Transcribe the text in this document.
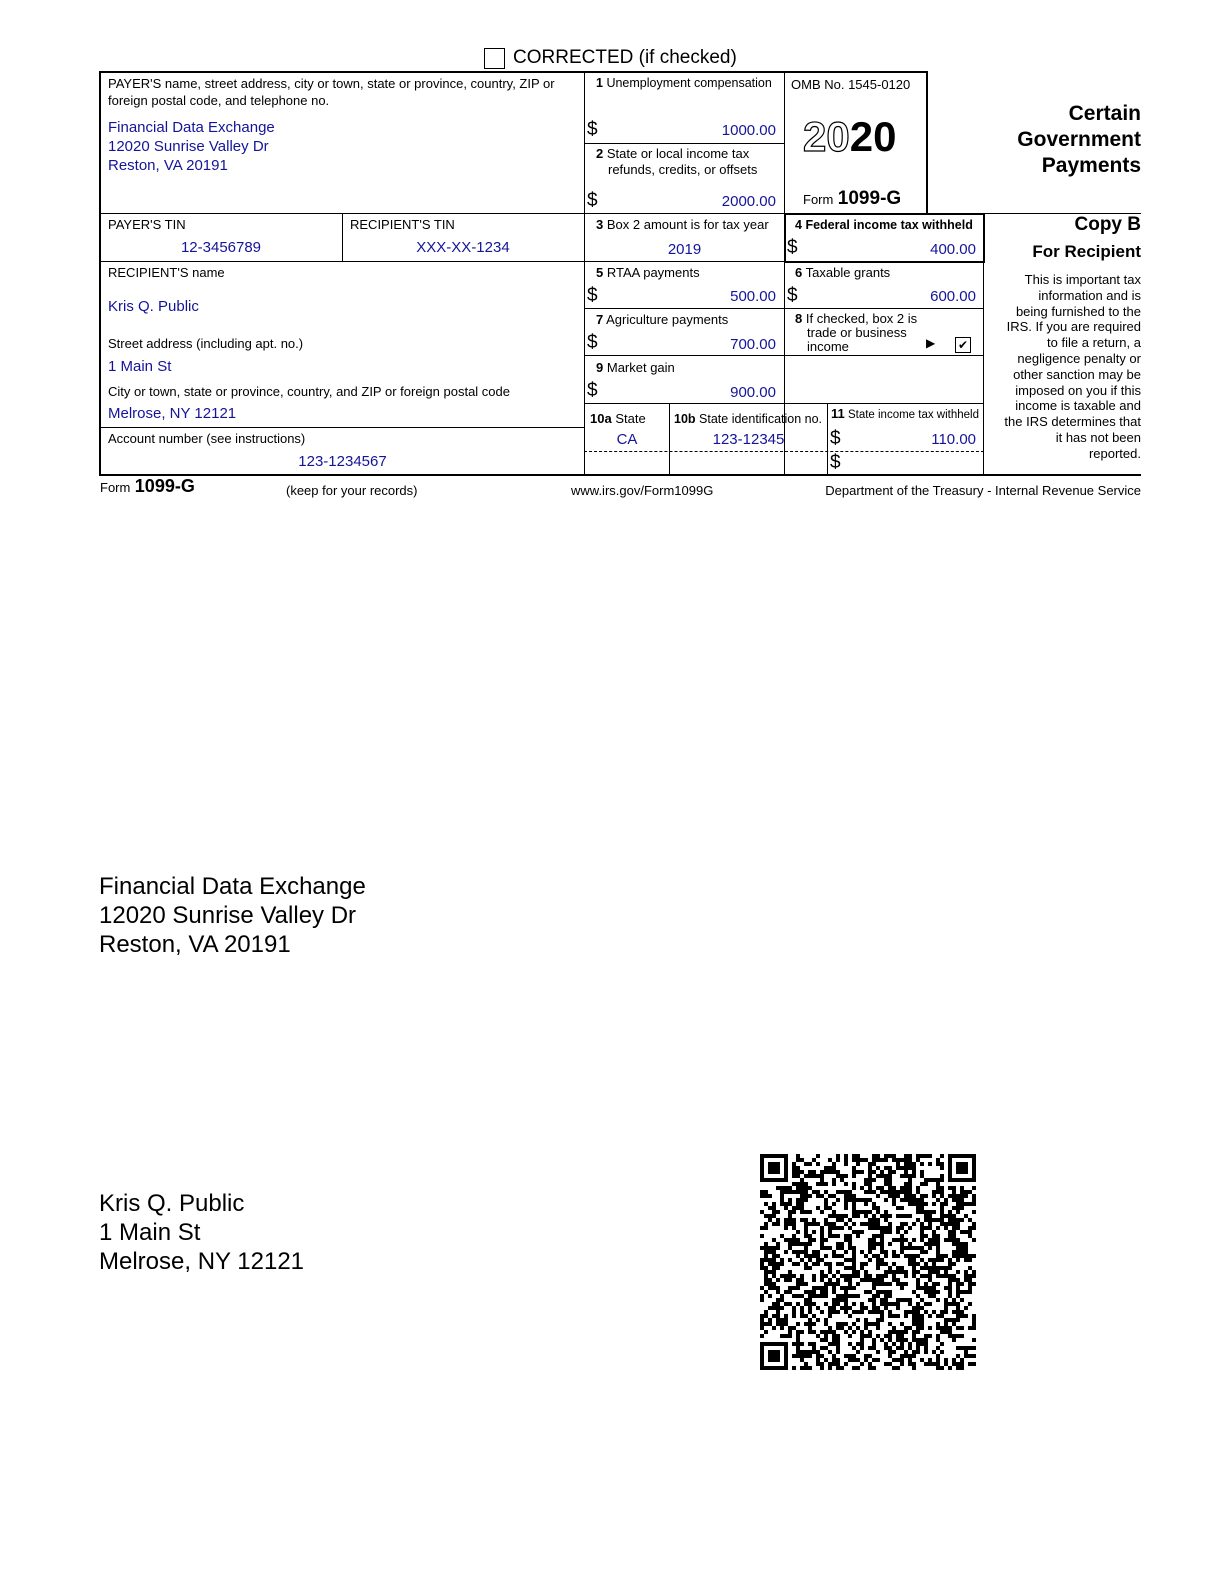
CORRECTED (if checked)
PAYER'S name, street address, city or town, state or province, country, ZIP or foreign postal code, and telephone no.
Financial Data Exchange
12020 Sunrise Valley Dr
Reston, VA 20191
PAYER'S TIN
12-3456789
RECIPIENT'S TIN
XXX-XX-1234
RECIPIENT'S name
Kris Q. Public
Street address (including apt. no.)
1 Main St
City or town, state or province, country, and ZIP or foreign postal code
Melrose, NY 12121
Account number (see instructions)
123-1234567
1 Unemployment compensation
$	1000.00
2 State or local income tax
refunds, credits, or offsets
$	2000.00
OMB No. 1545-0120
2020
Form 1099-G
Certain
Government
Payments
3 Box 2 amount is for tax year
2019
4 Federal income tax withheld
$	400.00
5 RTAA payments
$	500.00
6 Taxable grants
$	600.00
7 Agriculture payments
$	700.00
8 If checked, box 2 is
trade or business
income	▶ ✔
9 Market gain
$	900.00
10a State
CA
10b State identification no.
123-12345
11 State income tax withheld
$	110.00
$
Copy B
For Recipient
This is important tax
information and is
being furnished to the
IRS. If you are required
to file a return, a
negligence penalty or
other sanction may be
imposed on you if this
income is taxable and
the IRS determines that
it has not been
reported.
Form 1099-G	(keep for your records)	www.irs.gov/Form1099G	Department of the Treasury - Internal Revenue Service
Financial Data Exchange
12020 Sunrise Valley Dr
Reston, VA 20191
Kris Q. Public
1 Main St
Melrose, NY 12121
